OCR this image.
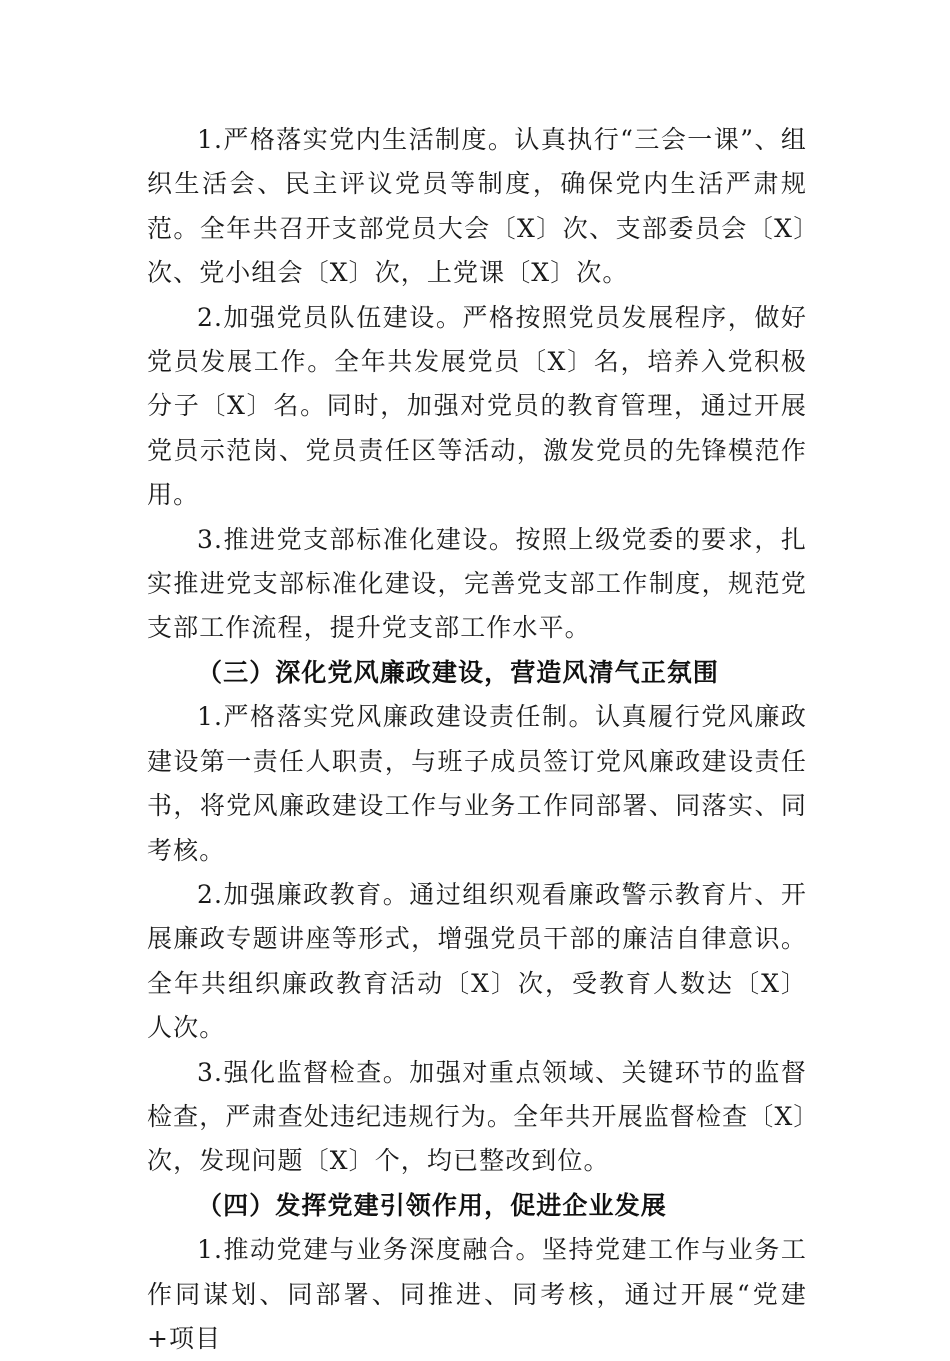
1.严格落实党内生活制度。认真执行“三会一课”、组织生活会、民主评议党员等制度，确保党内生活严肃规范。全年共召开支部党员大会〔X〕次、支部委员会〔X〕次、党小组会〔X〕次，上党课〔X〕次。

2.加强党员队伍建设。严格按照党员发展程序，做好党员发展工作。全年共发展党员〔X〕名，培养入党积极分子〔X〕名。同时，加强对党员的教育管理，通过开展党员示范岗、党员责任区等活动，激发党员的先锋模范作用。

3.推进党支部标准化建设。按照上级党委的要求，扎实推进党支部标准化建设，完善党支部工作制度，规范党支部工作流程，提升党支部工作水平。

（三）深化党风廉政建设，营造风清气正氛围

1.严格落实党风廉政建设责任制。认真履行党风廉政建设第一责任人职责，与班子成员签订党风廉政建设责任书，将党风廉政建设工作与业务工作同部署、同落实、同考核。

2.加强廉政教育。通过组织观看廉政警示教育片、开展廉政专题讲座等形式，增强党员干部的廉洁自律意识。全年共组织廉政教育活动〔X〕次，受教育人数达〔X〕人次。

3.强化监督检查。加强对重点领域、关键环节的监督检查，严肃查处违纪违规行为。全年共开展监督检查〔X〕次，发现问题〔X〕个，均已整改到位。

（四）发挥党建引领作用，促进企业发展

1.推动党建与业务深度融合。坚持党建工作与业务工作同谋划、同部署、同推进、同考核，通过开展“党建+项目
